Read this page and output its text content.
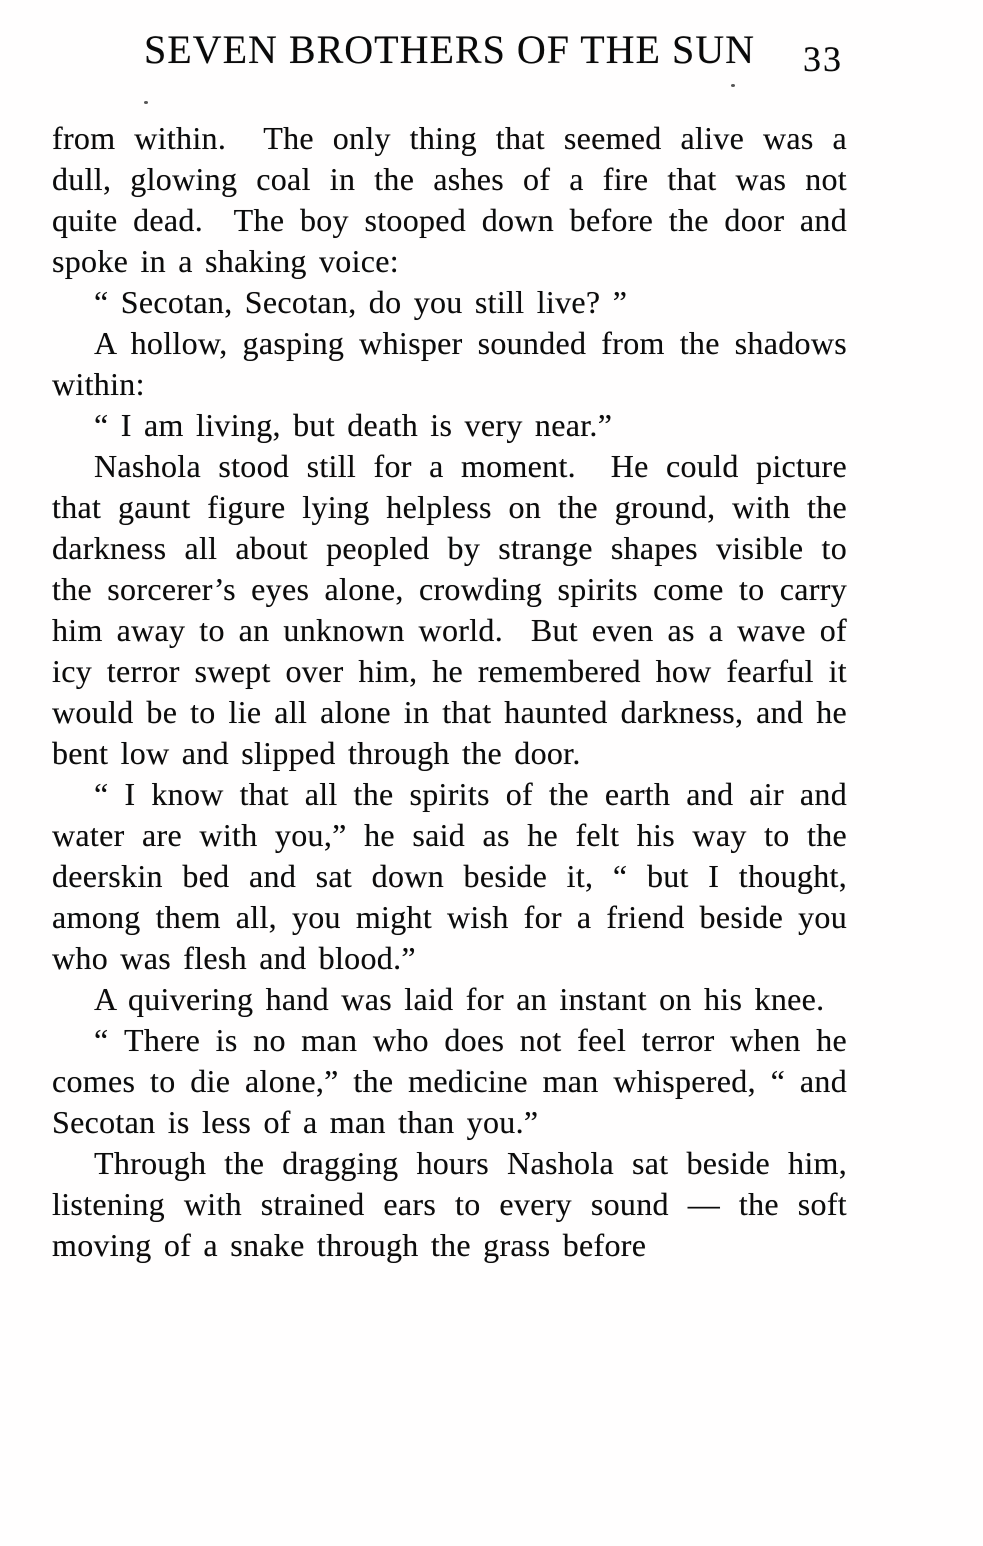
SEVEN BROTHERS OF THE SUN	33

from within.  The only thing that seemed alive was a dull, glowing coal in the ashes of a fire that was not quite dead.  The boy stooped down before the door and spoke in a shaking voice:

“ Secotan, Secotan, do you still live? ”

A hollow, gasping whisper sounded from the shadows within:

“ I am living, but death is very near.”

Nashola stood still for a moment.  He could picture that gaunt figure lying helpless on the ground, with the darkness all about peopled by strange shapes visible to the sorcerer’s eyes alone, crowding spirits come to carry him away to an unknown world.  But even as a wave of icy terror swept over him, he remembered how fearful it would be to lie all alone in that haunted darkness, and he bent low and slipped through the door.

“ I know that all the spirits of the earth and air and water are with you,” he said as he felt his way to the deerskin bed and sat down beside it, “ but I thought, among them all, you might wish for a friend beside you who was flesh and blood.”

A quivering hand was laid for an instant on his knee.

“ There is no man who does not feel terror when he comes to die alone,” the medicine man whispered, “ and Secotan is less of a man than you.”

Through the dragging hours Nashola sat beside him, listening with strained ears to every sound — the soft moving of a snake through the grass before
